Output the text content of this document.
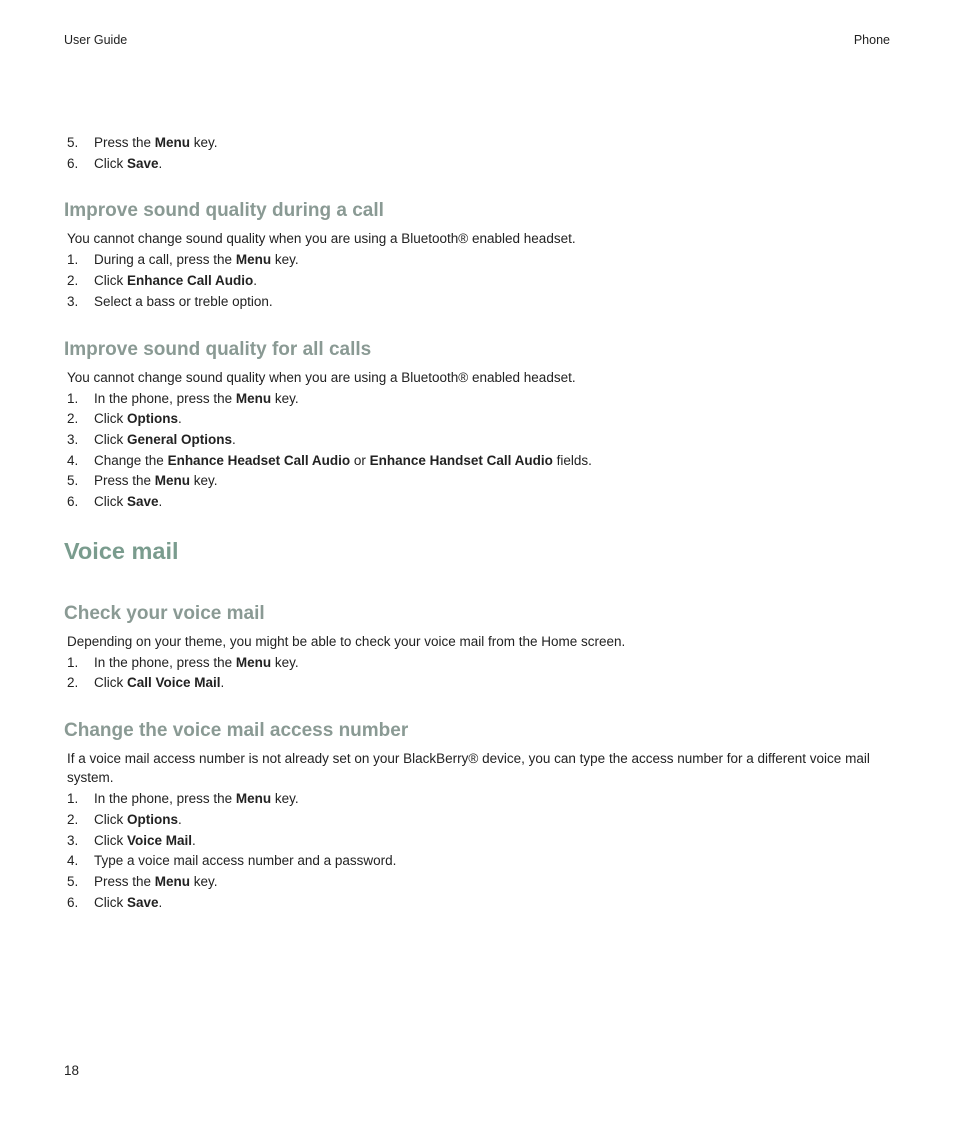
User Guide	Phone
5. Press the Menu key.
6. Click Save.
Improve sound quality during a call

You cannot change sound quality when you are using a Bluetooth® enabled headset.

1. During a call, press the Menu key.
2. Click Enhance Call Audio.
3. Select a bass or treble option.
Improve sound quality for all calls

You cannot change sound quality when you are using a Bluetooth® enabled headset.

1. In the phone, press the Menu key.
2. Click Options.
3. Click General Options.
4. Change the Enhance Headset Call Audio or Enhance Handset Call Audio fields.
5. Press the Menu key.
6. Click Save.
Voice mail
Check your voice mail

Depending on your theme, you might be able to check your voice mail from the Home screen.

1. In the phone, press the Menu key.
2. Click Call Voice Mail.
Change the voice mail access number

If a voice mail access number is not already set on your BlackBerry® device, you can type the access number for a different voice mail system.

1. In the phone, press the Menu key.
2. Click Options.
3. Click Voice Mail.
4. Type a voice mail access number and a password.
5. Press the Menu key.
6. Click Save.
18
